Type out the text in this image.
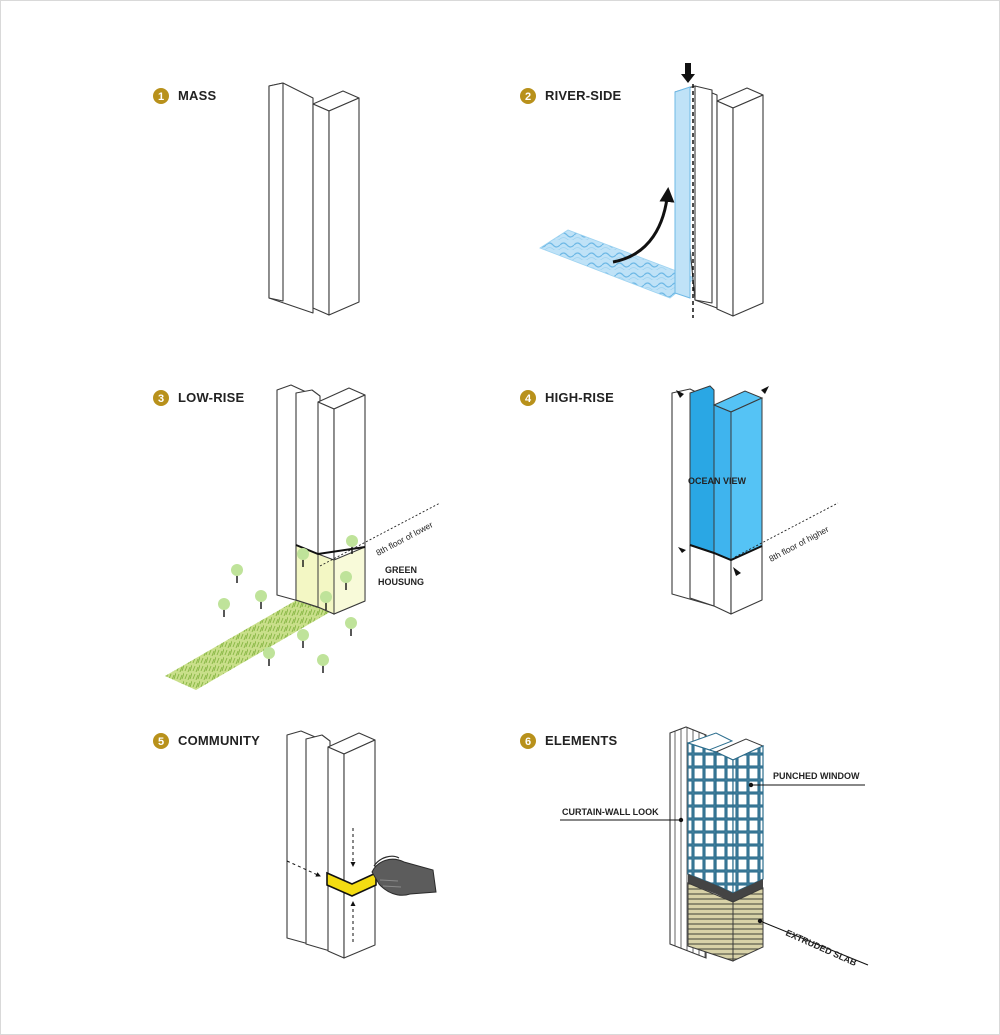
1 MASS	2 RIVER-SIDE
3 LOW-RISE
8th floor of lower
GREEN
HOUSUNG
4 HIGH-RISE
OCEAN VIEW
8th floor of higher
5 COMMUNITY	6 ELEMENTS
PUNCHED WINDOW
CURTAIN-WALL LOOK
EXTRUDED SLAB
